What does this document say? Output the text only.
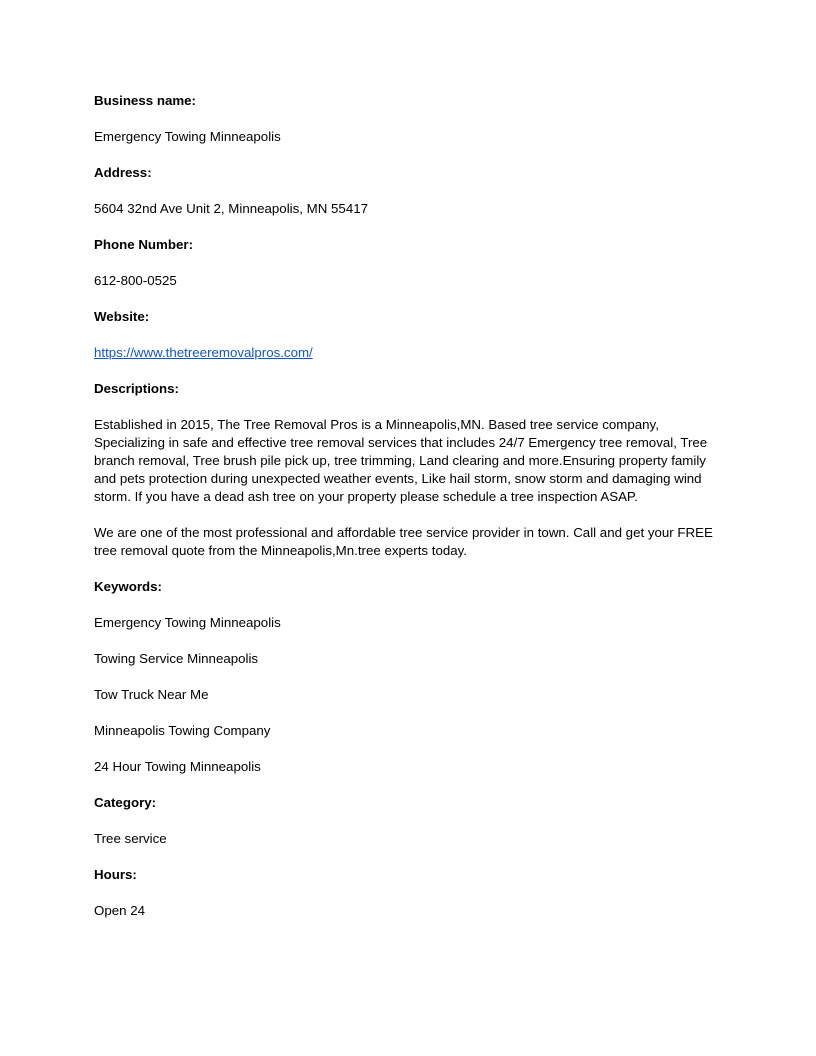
Business name:

Emergency Towing Minneapolis

Address:

5604 32nd Ave Unit 2, Minneapolis, MN 55417

Phone Number:

612-800-0525

Website:

https://www.thetreeremovalpros.com/

Descriptions:

Established in 2015, The Tree Removal Pros is a Minneapolis,MN. Based tree service company, Specializing in safe and effective tree removal services that includes 24/7 Emergency tree removal, Tree branch removal, Tree brush pile pick up, tree trimming, Land clearing and more.Ensuring property family and pets protection during unexpected weather events, Like hail storm, snow storm and damaging wind storm. If you have a dead ash tree on your property please schedule a tree inspection ASAP.

We are one of the most professional and affordable tree service provider in town. Call and get your FREE tree removal quote from the Minneapolis,Mn.tree experts today.

Keywords:

Emergency Towing Minneapolis

Towing Service Minneapolis

Tow Truck Near Me

Minneapolis Towing Company

24 Hour Towing Minneapolis

Category:

Tree service

Hours:

Open 24
